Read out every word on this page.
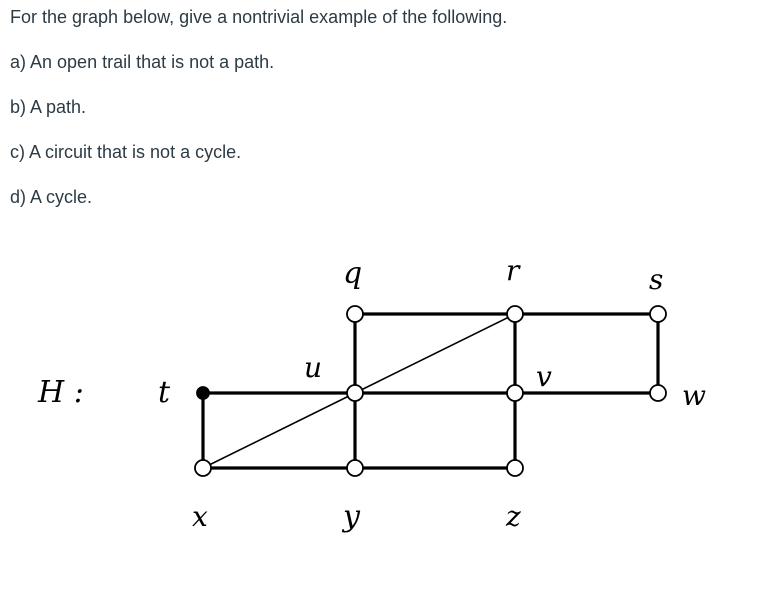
For the graph below, give a nontrivial example of the following.

a) An open trail that is not a path.

b) A path.

c) A circuit that is not a cycle.

d) A cycle.

H : t
x
u
q
y
r
v
z
s
w
